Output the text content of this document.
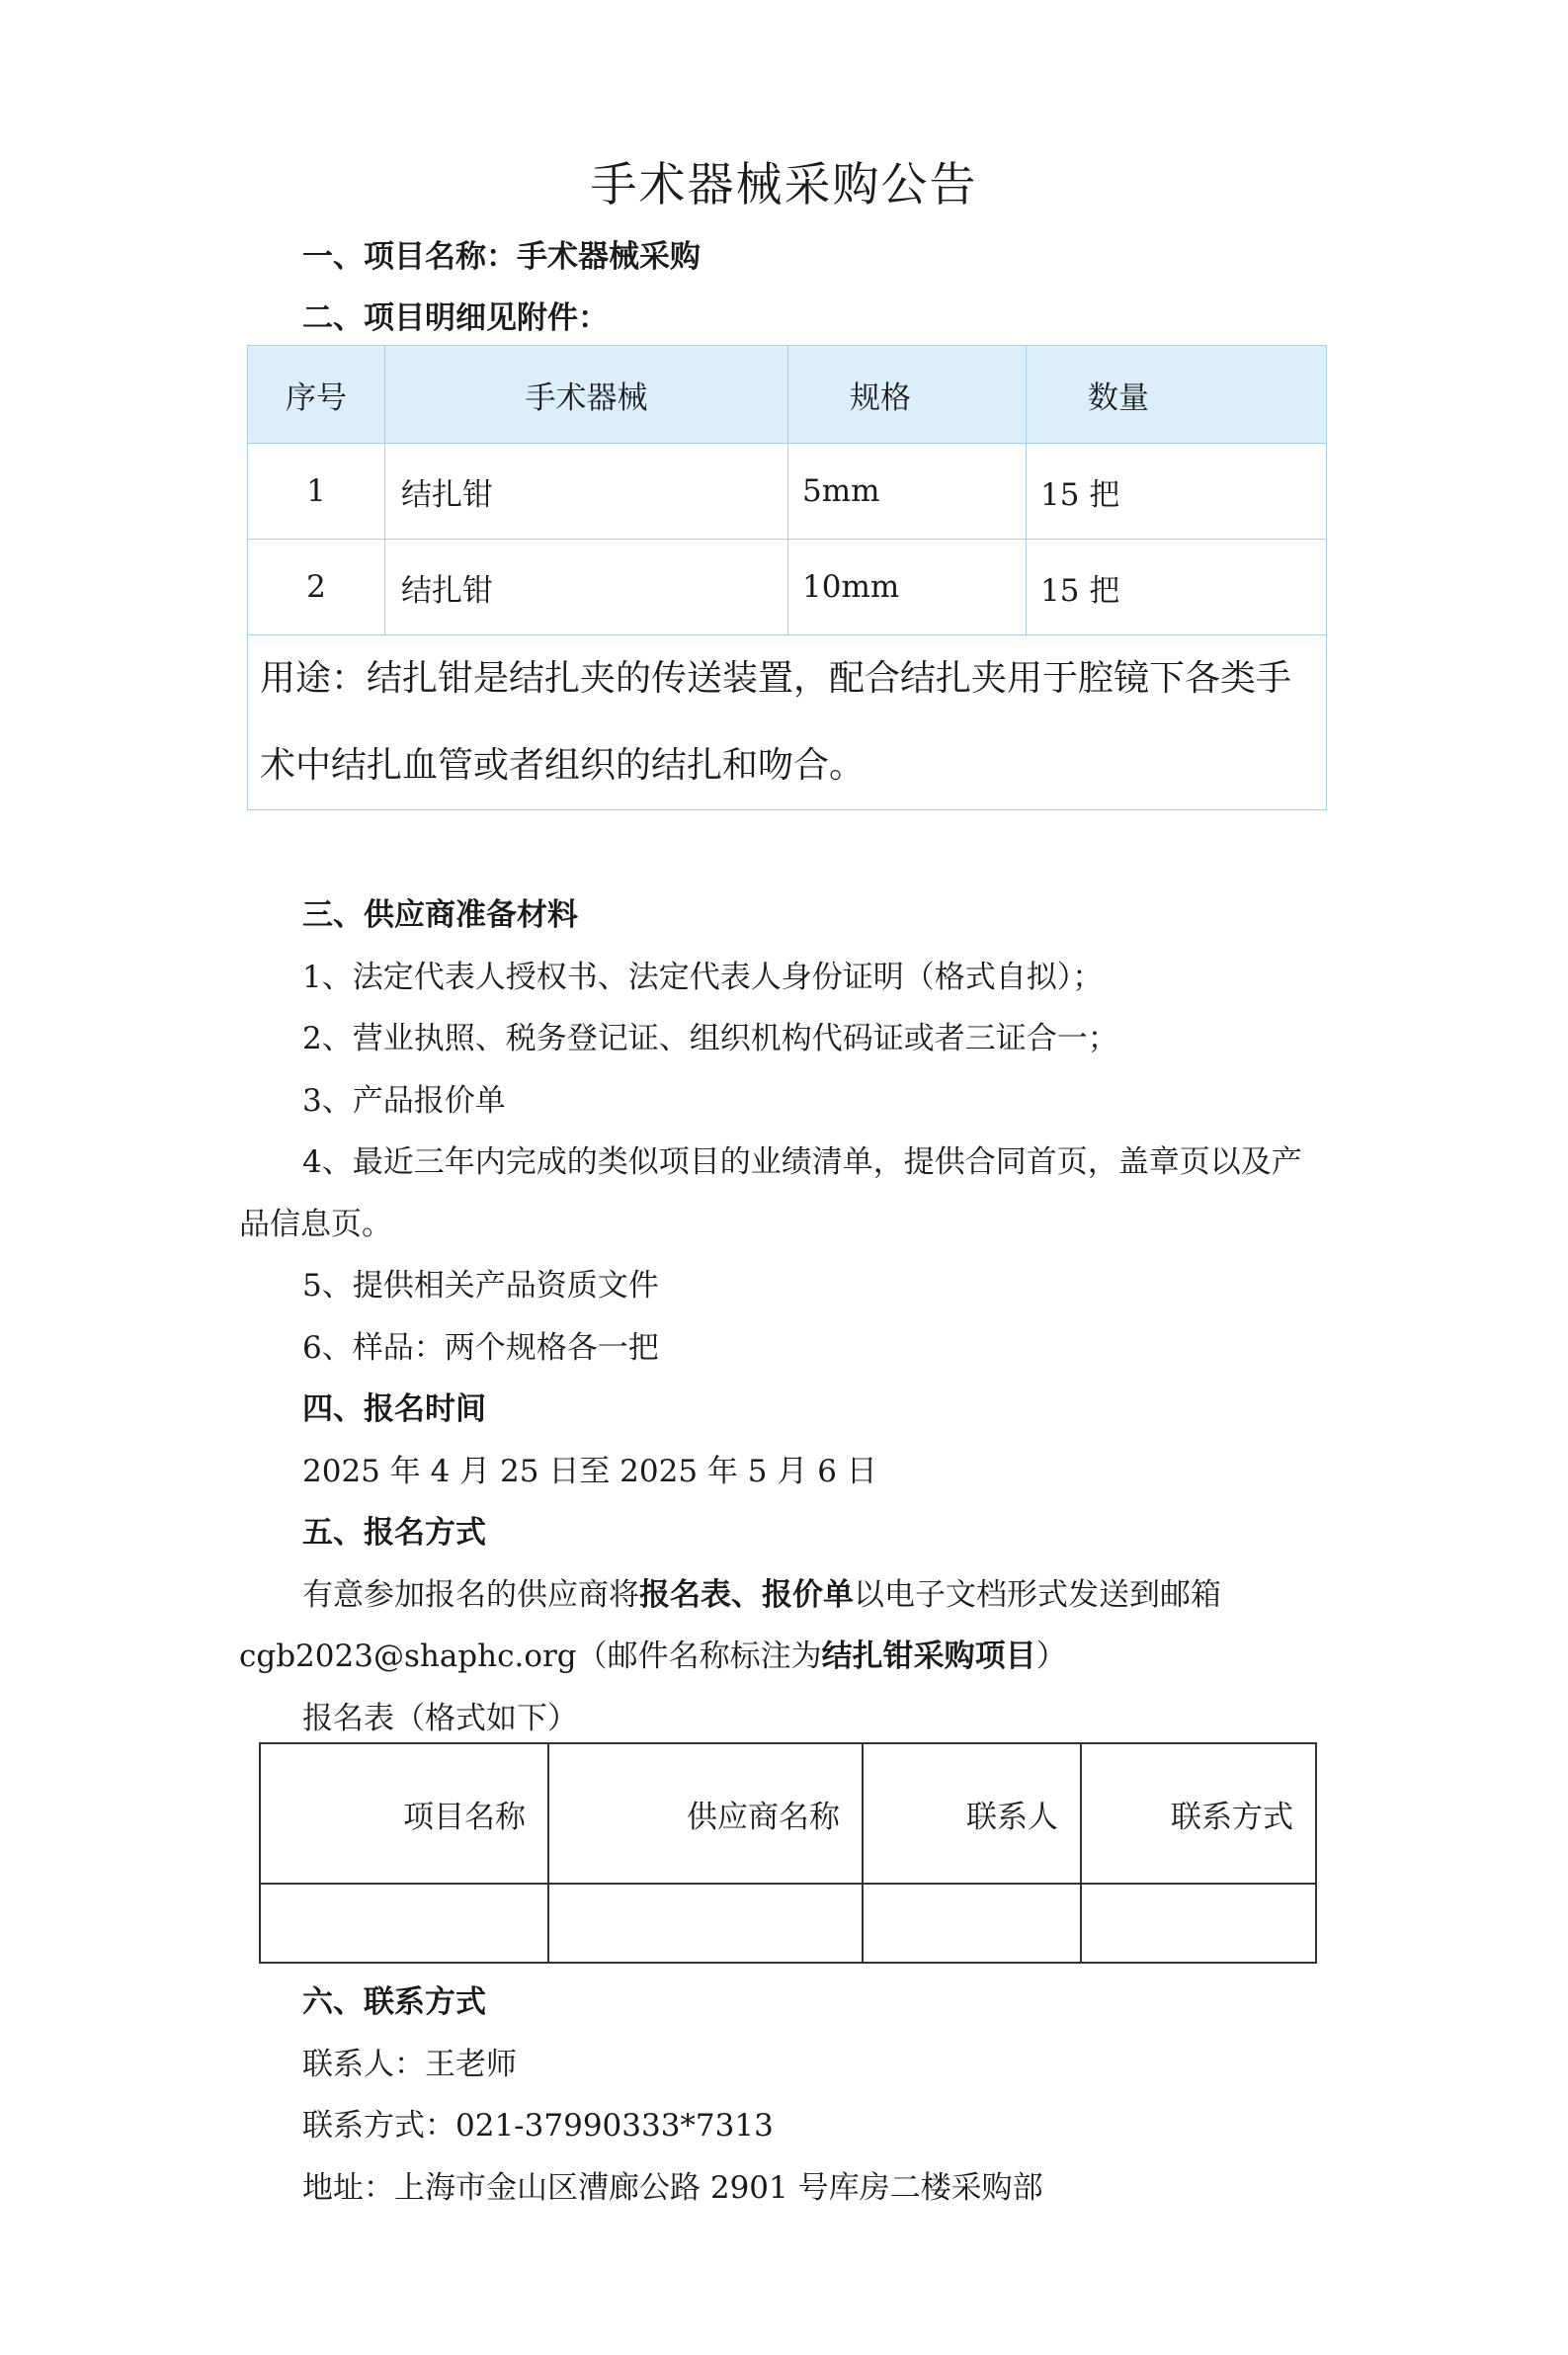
手术器械采购公告
一、项目名称：手术器械采购
二、项目明细见附件：
序号	手术器械	规格	数量
1	结扎钳	5mm	15 把
2	结扎钳	10mm	15 把
用途：结扎钳是结扎夹的传送装置，配合结扎夹用于腔镜下各类手术中结扎血管或者组织的结扎和吻合。			
三、供应商准备材料
1、法定代表人授权书、法定代表人身份证明（格式自拟）；
2、营业执照、税务登记证、组织机构代码证或者三证合一；
3、产品报价单
4、最近三年内完成的类似项目的业绩清单，提供合同首页，盖章页以及产
品信息页。
5、提供相关产品资质文件
6、样品：两个规格各一把
四、报名时间
2025 年 4 月 25 日至 2025 年 5 月 6 日
五、报名方式
有意参加报名的供应商将报名表、报价单以电子文档形式发送到邮箱
cgb2023@shaphc.org（邮件名称标注为结扎钳采购项目）
报名表（格式如下）
项目名称	供应商名称	联系人	联系方式

六、联系方式
联系人：王老师
联系方式：021-37990333*7313
地址：上海市金山区漕廊公路 2901 号库房二楼采购部
